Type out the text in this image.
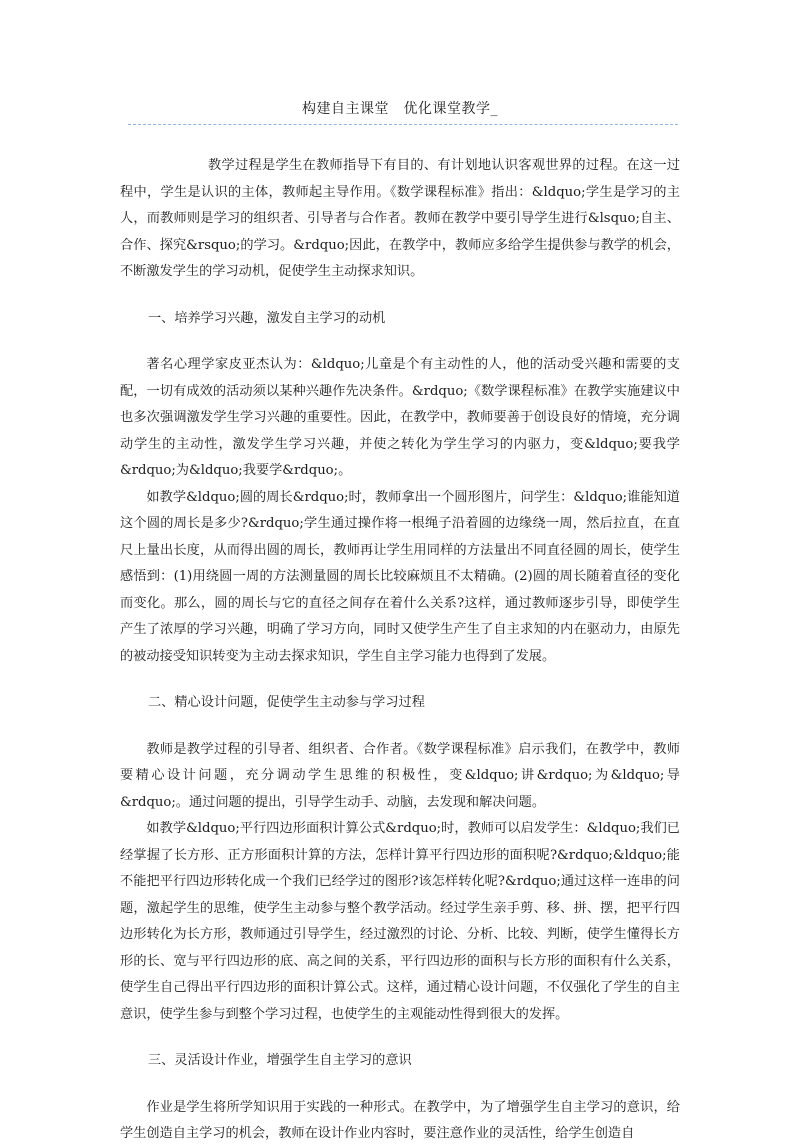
构建自主课堂　优化课堂教学_

教学过程是学生在教师指导下有目的、有计划地认识客观世界的过程。在这一过程中，学生是认识的主体，教师起主导作用。《数学课程标准》指出：&ldquo;学生是学习的主人，而教师则是学习的组织者、引导者与合作者。教师在教学中要引导学生进行&lsquo;自主、合作、探究&rsquo;的学习。&rdquo;因此，在教学中，教师应多给学生提供参与教学的机会，不断激发学生的学习动机，促使学生主动探求知识。

一、培养学习兴趣，激发自主学习的动机

著名心理学家皮亚杰认为：&ldquo;儿童是个有主动性的人，他的活动受兴趣和需要的支配，一切有成效的活动须以某种兴趣作先决条件。&rdquo;《数学课程标准》在教学实施建议中也多次强调激发学生学习兴趣的重要性。因此，在教学中，教师要善于创设良好的情境，充分调动学生的主动性，激发学生学习兴趣，并使之转化为学生学习的内驱力，变&ldquo;要我学&rdquo;为&ldquo;我要学&rdquo;。

如教学&ldquo;圆的周长&rdquo;时，教师拿出一个圆形图片，问学生：&ldquo;谁能知道这个圆的周长是多少?&rdquo;学生通过操作将一根绳子沿着圆的边缘绕一周，然后拉直，在直尺上量出长度，从而得出圆的周长，教师再让学生用同样的方法量出不同直径圆的周长，使学生感悟到：(1)用绕圆一周的方法测量圆的周长比较麻烦且不太精确。(2)圆的周长随着直径的变化而变化。那么，圆的周长与它的直径之间存在着什么关系?这样，通过教师逐步引导，即使学生产生了浓厚的学习兴趣，明确了学习方向，同时又使学生产生了自主求知的内在驱动力，由原先的被动接受知识转变为主动去探求知识，学生自主学习能力也得到了发展。

二、精心设计问题，促使学生主动参与学习过程

教师是教学过程的引导者、组织者、合作者。《数学课程标准》启示我们，在教学中，教师要精心设计问题，充分调动学生思维的积极性，变&ldquo;讲&rdquo;为&ldquo;导&rdquo;。通过问题的提出，引导学生动手、动脑，去发现和解决问题。

如教学&ldquo;平行四边形面积计算公式&rdquo;时，教师可以启发学生：&ldquo;我们已经掌握了长方形、正方形面积计算的方法，怎样计算平行四边形的面积呢?&rdquo;&ldquo;能不能把平行四边形转化成一个我们已经学过的图形?该怎样转化呢?&rdquo;通过这样一连串的问题，激起学生的思维，使学生主动参与整个教学活动。经过学生亲手剪、移、拼、摆，把平行四边形转化为长方形，教师通过引导学生，经过激烈的讨论、分析、比较、判断，使学生懂得长方形的长、宽与平行四边形的底、高之间的关系，平行四边形的面积与长方形的面积有什么关系，使学生自己得出平行四边形的面积计算公式。这样，通过精心设计问题，不仅强化了学生的自主意识，使学生参与到整个学习过程，也使学生的主观能动性得到很大的发挥。

三、灵活设计作业，增强学生自主学习的意识

作业是学生将所学知识用于实践的一种形式。在教学中，为了增强学生自主学习的意识，给学生创造自主学习的机会，教师在设计作业内容时，要注意作业的灵活性，给学生创造自
